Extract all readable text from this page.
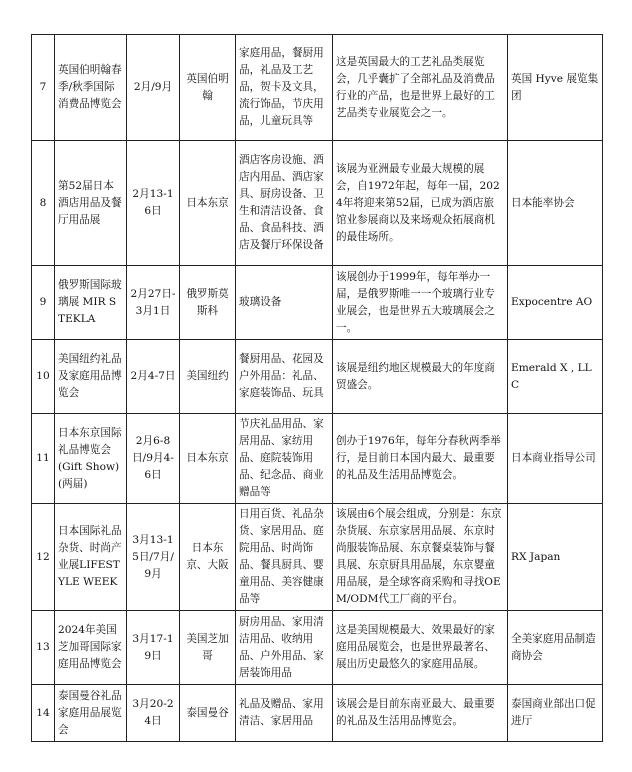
7	英国伯明翰春季/秋季国际消费品博览会	2月/9月	英国伯明翰	家庭用品，餐厨用品，礼品及工艺品，贺卡及文具，流行饰品，节庆用品，儿童玩具等	这是英国最大的工艺礼品类展览会，几乎囊扩了全部礼品及消费品行业的产品，也是世界上最好的工艺品类专业展览会之一。	英国 Hyve 展览集团
8	第52届日本酒店用品及餐厅用品展	2月13-16日	日本东京	酒店客房设施、酒店内用品、酒店家具、厨房设备、卫生和清洁设备、食品、食品科技、酒店及餐厅环保设备	该展为亚洲最专业最大规模的展会，自1972年起，每年一届，2024年将迎来第52届，已成为酒店旅馆业参展商以及来场观众拓展商机的最佳场所。	日本能率协会
9	俄罗斯国际玻璃展 MIR STEKLA	2月27日-3月1日	俄罗斯莫斯科	玻璃设备	该展创办于1999年，每年举办一届，是俄罗斯唯一一个玻璃行业专业展会，也是世界五大玻璃展会之一。	Expocentre AO
10	美国纽约礼品及家庭用品博览会	2月4-7日	美国纽约	餐厨用品、花园及户外用品：礼品、家庭装饰品、玩具	该展是纽约地区规模最大的年度商贸盛会。	Emerald X , LLC
11	日本东京国际礼品博览会 (Gift Show)(两届)	2月6-8日/9月4-6日	日本东京	节庆礼品用品、家居用品、家纺用品、庭院装饰用品、纪念品、商业赠品等	创办于1976年，每年分春秋两季举行，是目前日本国内最大、最重要的礼品及生活用品博览会。	日本商业指导公司
12	日本国际礼品杂货、时尚产业展LIFESTYLE WEEK	3月13-15日/7月/9月	日本东京、大阪	日用百货、礼品杂货、家居用品、庭院用品、时尚饰品、餐具厨具、婴童用品、美容健康品等	该展由6个展会组成，分别是：东京杂货展、东京家居用品展、东京时尚服装饰品展、东京餐桌装饰与餐具展、东京厨具用品展，东京婴童用品展，是全球客商采购和寻找OEM/ODM代工厂商的平台。	RX Japan
13	2024年美国芝加哥国际家庭用品博览会	3月17-19日	美国芝加哥	厨房用品、家用清洁用品、收纳用品、户外用品、家居装饰用品	这是美国规模最大、效果最好的家庭用品展览会，也是世界最著名、展出历史最悠久的家庭用品展。	全美家庭用品制造商协会
14	泰国曼谷礼品家庭用品展览会	3月20-24日	泰国曼谷	礼品及赠品、家用清洁、家居用品	该展会是目前东南亚最大、最重要的礼品及生活用品博览会。	泰国商业部出口促进厅
